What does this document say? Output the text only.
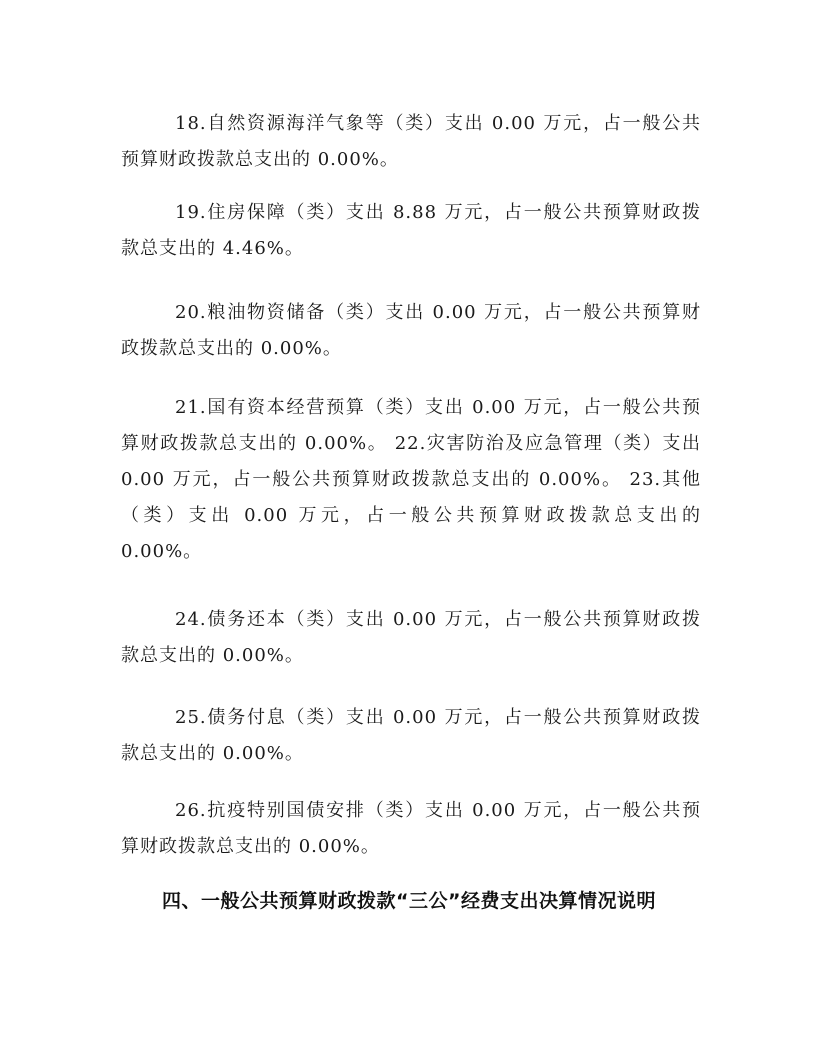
18.自然资源海洋气象等（类）支出 0.00 万元，占一般公共预算财政拨款总支出的 0.00%。

19.住房保障（类）支出 8.88 万元，占一般公共预算财政拨款总支出的 4.46%。

20.粮油物资储备（类）支出 0.00 万元，占一般公共预算财政拨款总支出的 0.00%。

21.国有资本经营预算（类）支出 0.00 万元，占一般公共预算财政拨款总支出的 0.00%。 22.灾害防治及应急管理（类）支出 0.00 万元，占一般公共预算财政拨款总支出的 0.00%。 23.其他（类）支出 0.00 万元，占一般公共预算财政拨款总支出的 0.00%。

24.债务还本（类）支出 0.00 万元，占一般公共预算财政拨款总支出的 0.00%。

25.债务付息（类）支出 0.00 万元，占一般公共预算财政拨款总支出的 0.00%。

26.抗疫特别国债安排（类）支出 0.00 万元，占一般公共预算财政拨款总支出的 0.00%。

四、一般公共预算财政拨款“三公”经费支出决算情况说明
